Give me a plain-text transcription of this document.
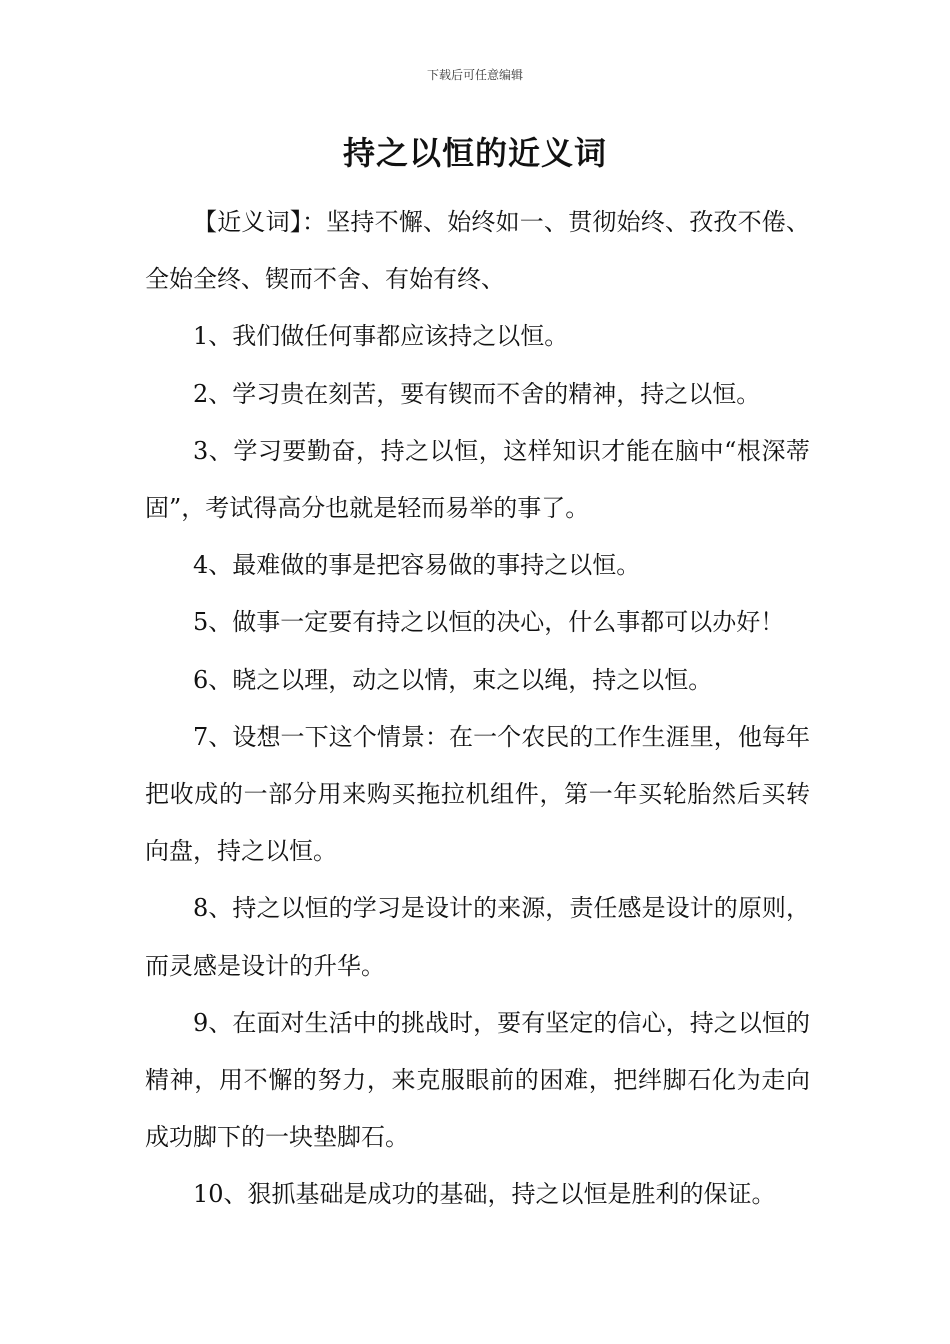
下载后可任意编辑
持之以恒的近义词

【近义词】：坚持不懈、始终如一、贯彻始终、孜孜不倦、全始全终、锲而不舍、有始有终、

1、我们做任何事都应该持之以恒。

2、学习贵在刻苦，要有锲而不舍的精神，持之以恒。

3、学习要勤奋，持之以恒，这样知识才能在脑中“根深蒂固”，考试得高分也就是轻而易举的事了。

4、最难做的事是把容易做的事持之以恒。

5、做事一定要有持之以恒的决心，什么事都可以办好！

6、晓之以理，动之以情，束之以绳，持之以恒。

7、设想一下这个情景：在一个农民的工作生涯里，他每年把收成的一部分用来购买拖拉机组件，第一年买轮胎然后买转向盘，持之以恒。

8、持之以恒的学习是设计的来源，责任感是设计的原则，而灵感是设计的升华。

9、在面对生活中的挑战时，要有坚定的信心，持之以恒的精神，用不懈的努力，来克服眼前的困难，把绊脚石化为走向成功脚下的一块垫脚石。

10、狠抓基础是成功的基础，持之以恒是胜利的保证。
